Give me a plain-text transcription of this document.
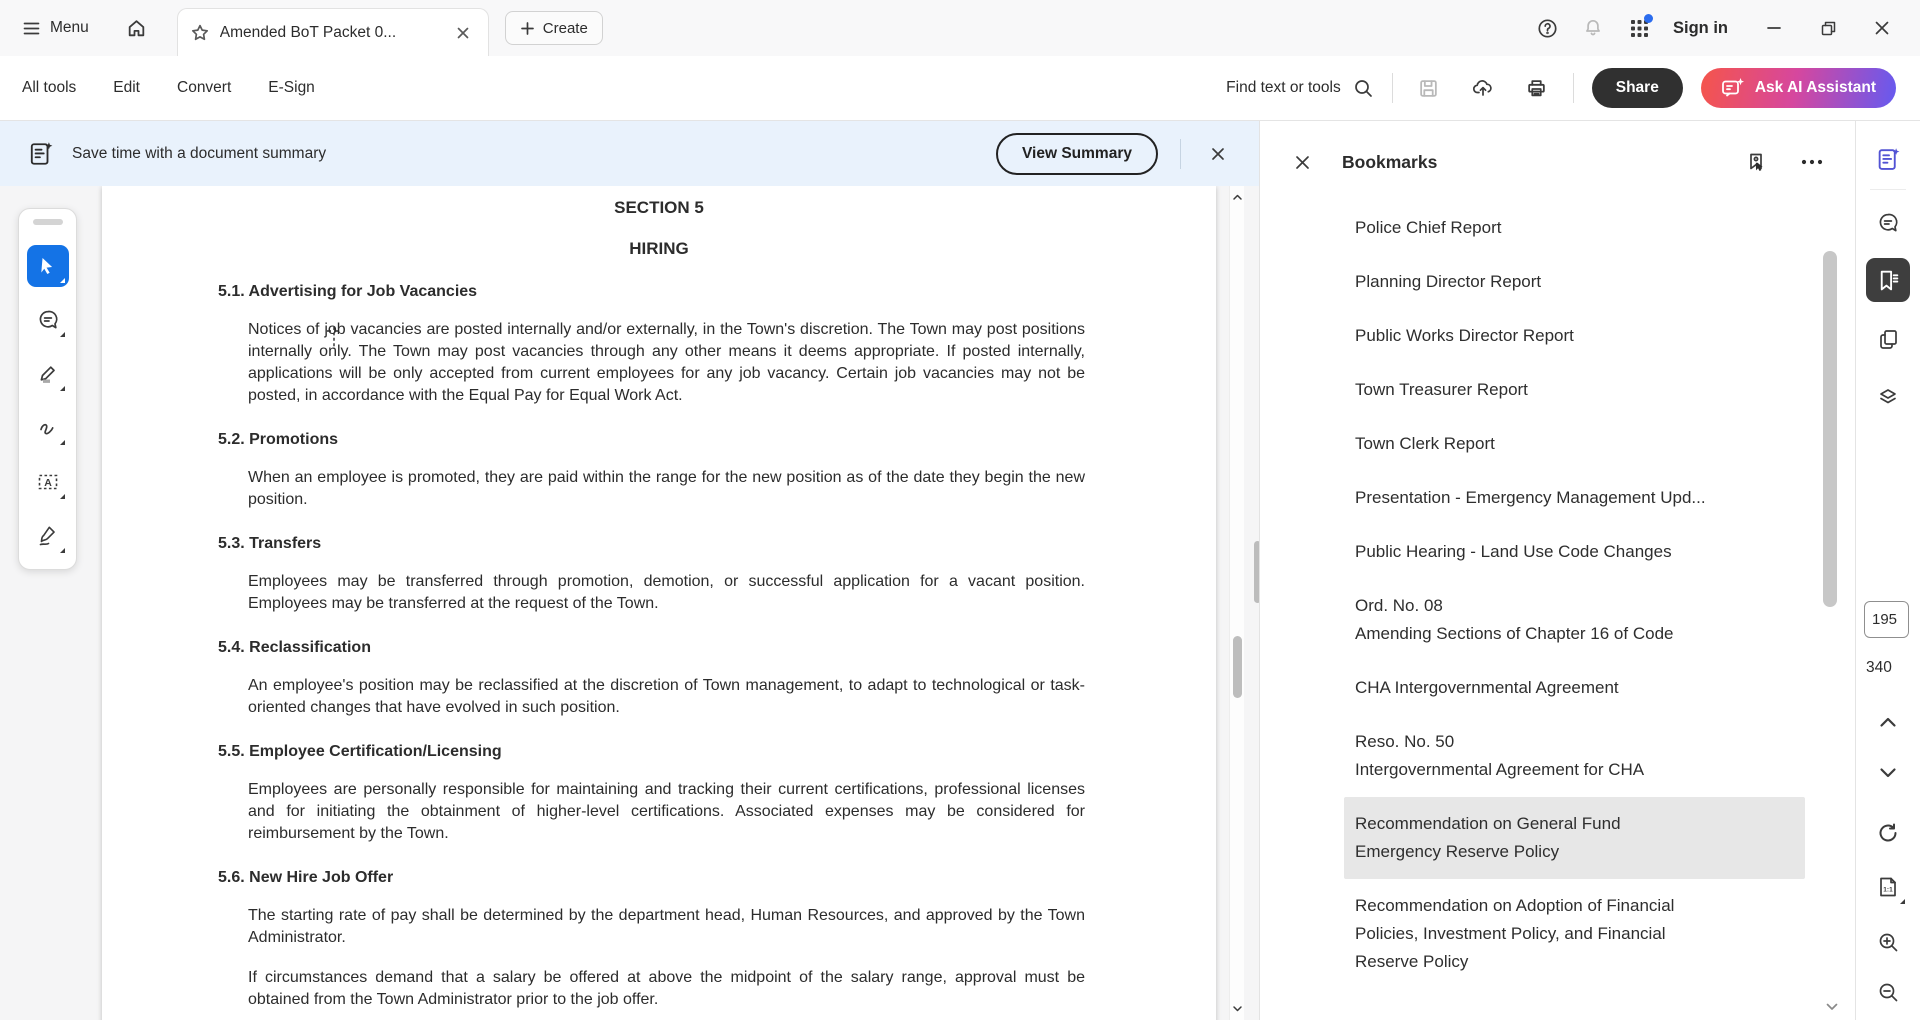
Menu	Amended BoT Packet 0...	Create	Sign in
All tools Edit Convert E-Sign	Find text or tools	Share	Ask AI Assistant
Save time with a document summary	View Summary
SECTION 5
HIRING
5.1. Advertising for Job Vacancies

Notices of job vacancies are posted internally and/or externally, in the Town's discretion. The Town may post positions internally only. The Town may post vacancies through any other means it deems appropriate. If posted internally, applications will be only accepted from current employees for any job vacancy. Certain job vacancies may not be posted, in accordance with the Equal Pay for Equal Work Act.

5.2. Promotions

When an employee is promoted, they are paid within the range for the new position as of the date they begin the new position.

5.3. Transfers

Employees may be transferred through promotion, demotion, or successful application for a vacant position. Employees may be transferred at the request of the Town.

5.4. Reclassification

An employee's position may be reclassified at the discretion of Town management, to adapt to technological or task-oriented changes that have evolved in such position.

5.5. Employee Certification/Licensing

Employees are personally responsible for maintaining and tracking their current certifications, professional licenses and for initiating the obtainment of higher-level certifications. Associated expenses may be considered for reimbursement by the Town.

5.6. New Hire Job Offer

The starting rate of pay shall be determined by the department head, Human Resources, and approved by the Town Administrator.

If circumstances demand that a salary be offered at above the midpoint of the salary range, approval must be obtained from the Town Administrator prior to the job offer.

A
Bookmarks
Police Chief Report
Planning Director Report
Public Works Director Report
Town Treasurer Report
Town Clerk Report
Presentation - Emergency Management Upd...
Public Hearing - Land Use Code Changes
Ord. No. 08
Amending Sections of Chapter 16 of Code
CHA Intergovernmental Agreement
Reso. No. 50
Intergovernmental Agreement for CHA
Recommendation on General Fund
Emergency Reserve Policy
Recommendation on Adoption of Financial
Policies, Investment Policy, and Financial
Reserve Policy
195
340
1:1
